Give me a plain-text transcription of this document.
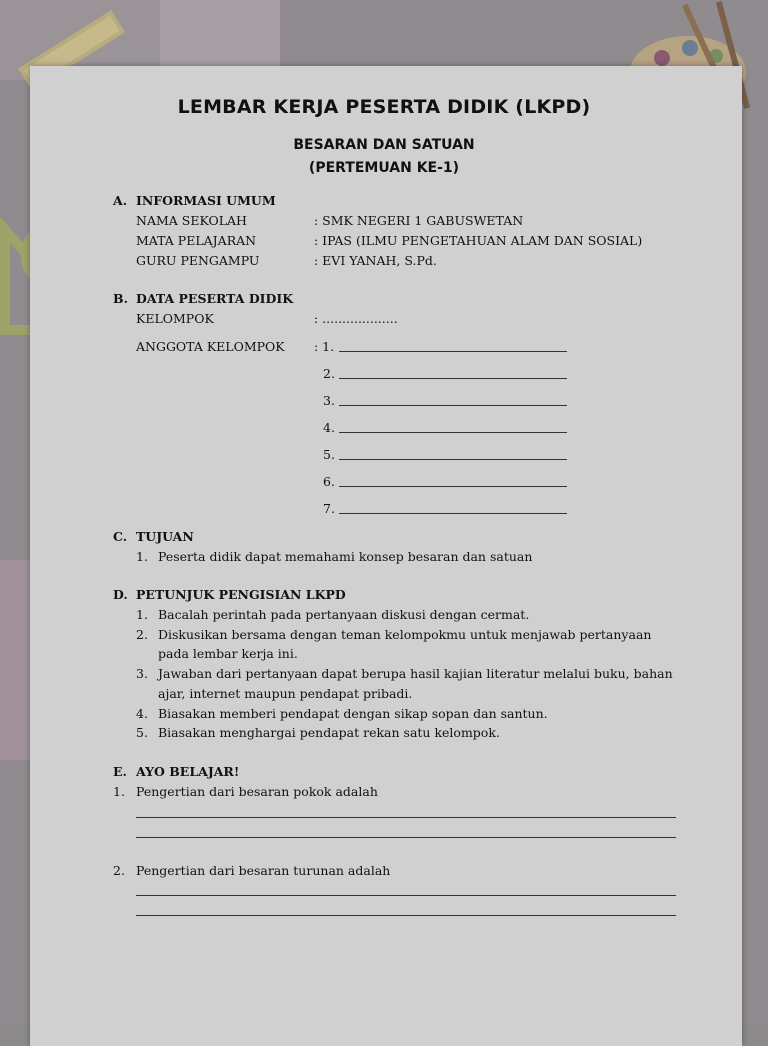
LEMBAR KERJA PESERTA DIDIK (LKPD)
BESARAN DAN SATUAN
(PERTEMUAN KE-1)
A. INFORMASI UMUM
NAMA SEKOLAH	: SMK NEGERI 1 GABUSWETAN
MATA PELAJARAN	: IPAS (ILMU PENGETAHUAN ALAM DAN SOSIAL)
GURU PENGAMPU	: EVI YANAH, S.Pd.
B. DATA PESERTA DIDIK
KELOMPOK	: ...................
ANGGOTA KELOMPOK : 1.
2.
3.
4.
5.
6.
7.
C. TUJUAN
1. Peserta didik dapat memahami konsep besaran dan satuan
D. PETUNJUK PENGISIAN LKPD
1. Bacalah perintah pada pertanyaan diskusi dengan cermat.
2. Diskusikan bersama dengan teman kelompokmu untuk menjawab pertanyaan
pada lembar kerja ini.
3. Jawaban dari pertanyaan dapat berupa hasil kajian literatur melalui buku, bahan
ajar, internet maupun pendapat pribadi.
4. Biasakan memberi pendapat dengan sikap sopan dan santun.
5. Biasakan menghargai pendapat rekan satu kelompok.
E. AYO BELAJAR!
1. Pengertian dari besaran pokok adalah
2. Pengertian dari besaran turunan adalah
